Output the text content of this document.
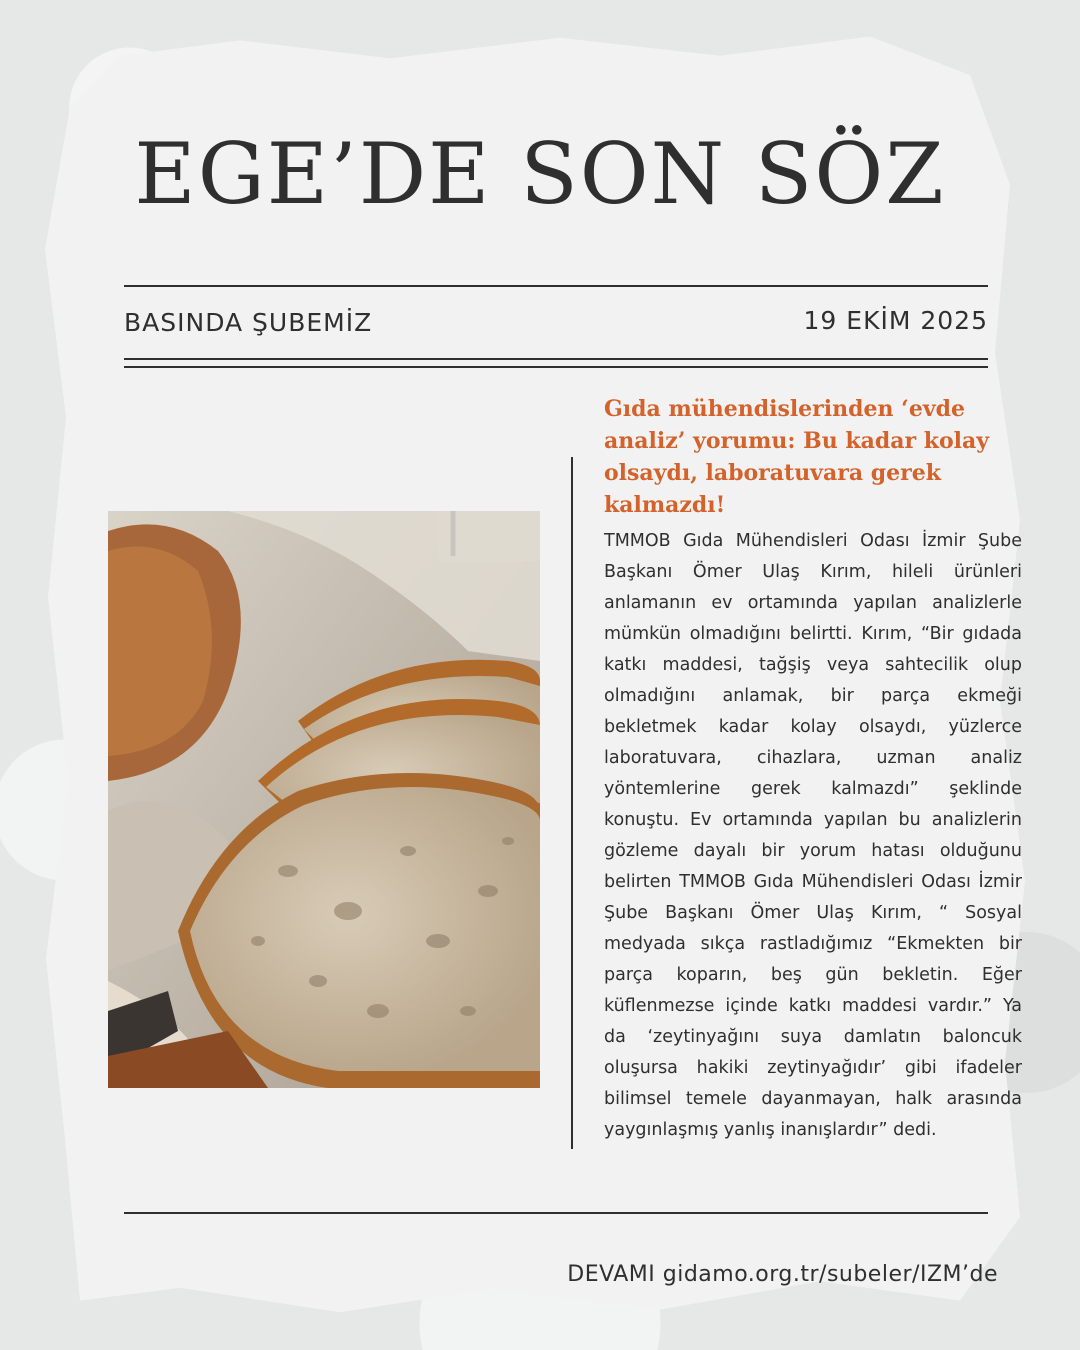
EGE’DE SON SÖZ
BASINDA ŞUBEMİZ	19 EKİM 2025
Gıda mühendislerinden ‘evde analiz’ yorumu: Bu kadar kolay olsaydı, laboratuvara gerek kalmazdı!
TMMOB Gıda Mühendisleri Odası İzmir Şube Başkanı Ömer Ulaş Kırım, hileli ürünleri anlamanın ev ortamında yapılan analizlerle mümkün olmadığını belirtti. Kırım, “Bir gıdada katkı maddesi, tağşiş veya sahtecilik olup olmadığını anlamak, bir parça ekmeği bekletmek kadar kolay olsaydı, yüzlerce laboratuvara, cihazlara, uzman analiz yöntemlerine gerek kalmazdı” şeklinde konuştu. Ev ortamında yapılan bu analizlerin gözleme dayalı bir yorum hatası olduğunu belirten TMMOB Gıda Mühendisleri Odası İzmir Şube Başkanı Ömer Ulaş Kırım, “ Sosyal medyada sıkça rastladığımız “Ekmekten bir parça koparın, beş gün bekletin. Eğer küflenmezse içinde katkı maddesi vardır.” Ya da ‘zeytinyağını suya damlatın baloncuk oluşursa hakiki zeytinyağıdır’ gibi ifadeler bilimsel temele dayanmayan, halk arasında yaygınlaşmış yanlış inanışlardır” dedi.
DEVAMI gidamo.org.tr/subeler/IZM’de
